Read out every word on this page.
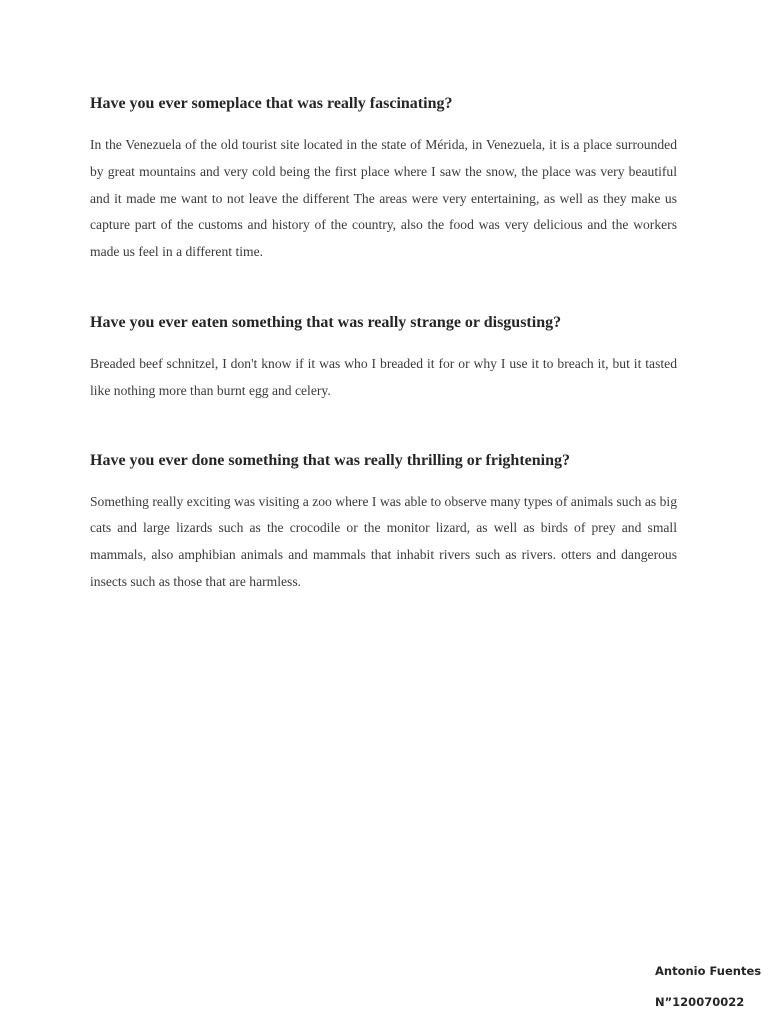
Have you ever someplace that was really fascinating?

In the Venezuela of the old tourist site located in the state of Mérida, in Venezuela, it is a place surrounded by great mountains and very cold being the first place where I saw the snow, the place was very beautiful and it made me want to not leave the different The areas were very entertaining, as well as they make us capture part of the customs and history of the country, also the food was very delicious and the workers made us feel in a different time.

Have you ever eaten something that was really strange or disgusting?

Breaded beef schnitzel, I don't know if it was who I breaded it for or why I use it to breach it, but it tasted like nothing more than burnt egg and celery.

Have you ever done something that was really thrilling or frightening?

Something really exciting was visiting a zoo where I was able to observe many types of animals such as big cats and large lizards such as the crocodile or the monitor lizard, as well as birds of prey and small mammals, also amphibian animals and mammals that inhabit rivers such as rivers. otters and dangerous insects such as those that are harmless.

Antonio Fuentes
N”120070022
